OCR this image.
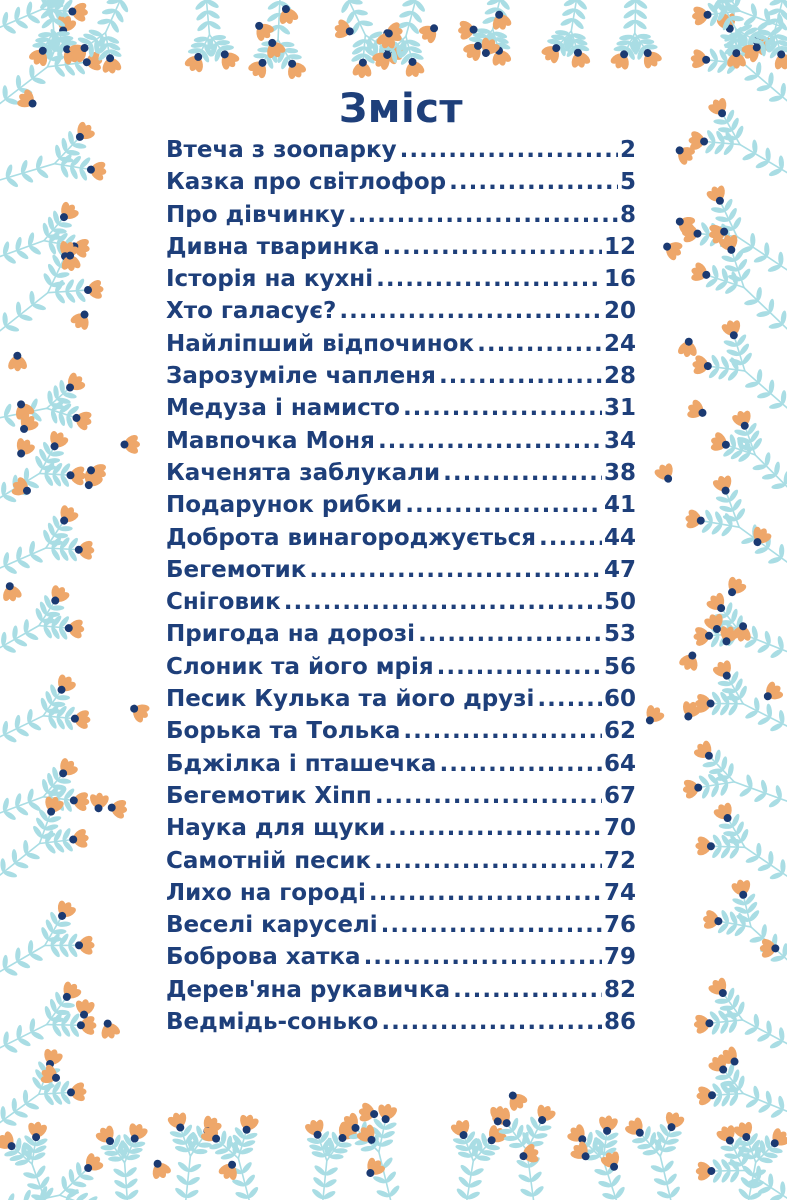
Зміст
Втеча з зоопарку .....	2
Казка про світлофор .....	5
Про дівчинку .....	8
Дивна тваринка .....	12
Історія на кухні .....	16
Хто галасує? .....	20
Найліпший відпочинок .....	24
Зарозуміле чапленя .....	28
Медуза і намисто .....	31
Мавпочка Моня .....	34
Каченята заблукали .....	38
Подарунок рибки .....	41
Доброта винагороджується .....	44
Бегемотик .....	47
Сніговик .....	50
Пригода на дорозі .....	53
Слоник та його мрія .....	56
Песик Кулька та його друзі .....	60
Борька та Толька .....	62
Бджілка і пташечка .....	64
Бегемотик Хіпп .....	67
Наука для щуки .....	70
Самотній песик .....	72
Лихо на городі .....	74
Веселі каруселі .....	76
Боброва хатка .....	79
Дерев'яна рукавичка .....	82
Ведмідь-сонько .....	86
